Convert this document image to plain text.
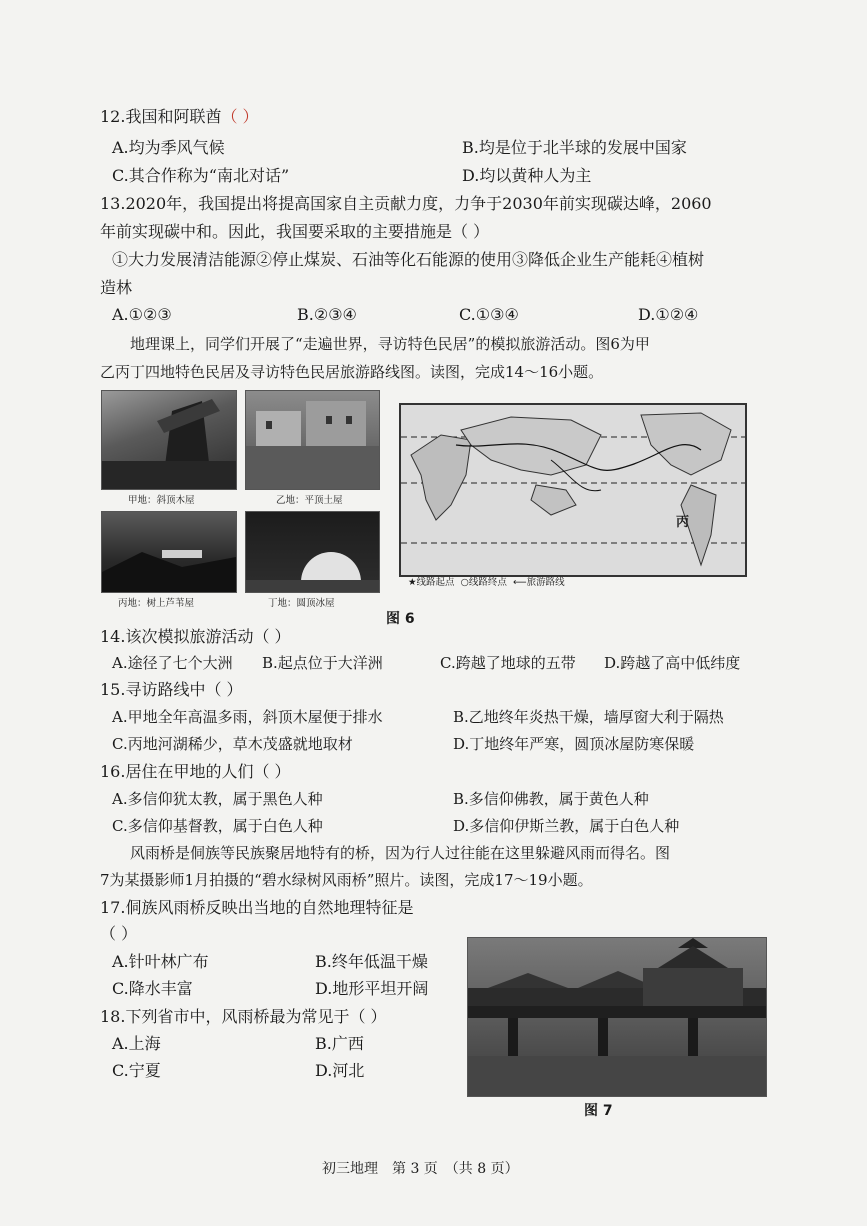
12.我国和阿联酋（ ）
A.均为季风气候	B.均是位于北半球的发展中国家
C.其合作称为“南北对话”	D.均以黄种人为主
13.2020年，我国提出将提高国家自主贡献力度，力争于2030年前实现碳达峰，2060
年前实现碳中和。因此，我国要采取的主要措施是（ ）
①大力发展清洁能源②停止煤炭、石油等化石能源的使用③降低企业生产能耗④植树
造林
A.①②③	B.②③④	C.①③④	D.①②④
地理课上，同学们开展了“走遍世界，寻访特色民居”的模拟旅游活动。图6为甲
乙丙丁四地特色民居及寻访特色民居旅游路线图。读图，完成14～16小题。
甲地：斜顶木屋	乙地：平顶土屋
丙地：树上芦苇屋	丁地：圆顶冰屋
丙
★线路起点 ○线路终点 ⟵旅游路线
图 6
14.该次模拟旅游活动（ ）
A.途径了七个大洲 B.起点位于大洋洲	C.跨越了地球的五带 D.跨越了高中低纬度
15.寻访路线中（ ）
A.甲地全年高温多雨，斜顶木屋便于排水	B.乙地终年炎热干燥，墙厚窗大利于隔热
C.丙地河湖稀少，草木茂盛就地取材	D.丁地终年严寒，圆顶冰屋防寒保暖
16.居住在甲地的人们（ ）
A.多信仰犹太教，属于黑色人种	B.多信仰佛教，属于黄色人种
C.多信仰基督教，属于白色人种	D.多信仰伊斯兰教，属于白色人种
风雨桥是侗族等民族聚居地特有的桥，因为行人过往能在这里躲避风雨而得名。图
7为某摄影师1月拍摄的“碧水绿树风雨桥”照片。读图，完成17～19小题。
17.侗族风雨桥反映出当地的自然地理特征是
（ ）
A.针叶林广布	B.终年低温干燥
C.降水丰富	D.地形平坦开阔
18.下列省市中，风雨桥最为常见于（ ）
A.上海	B.广西
C.宁夏	D.河北
图 7
初三地理　第 3 页　（共 8 页）
